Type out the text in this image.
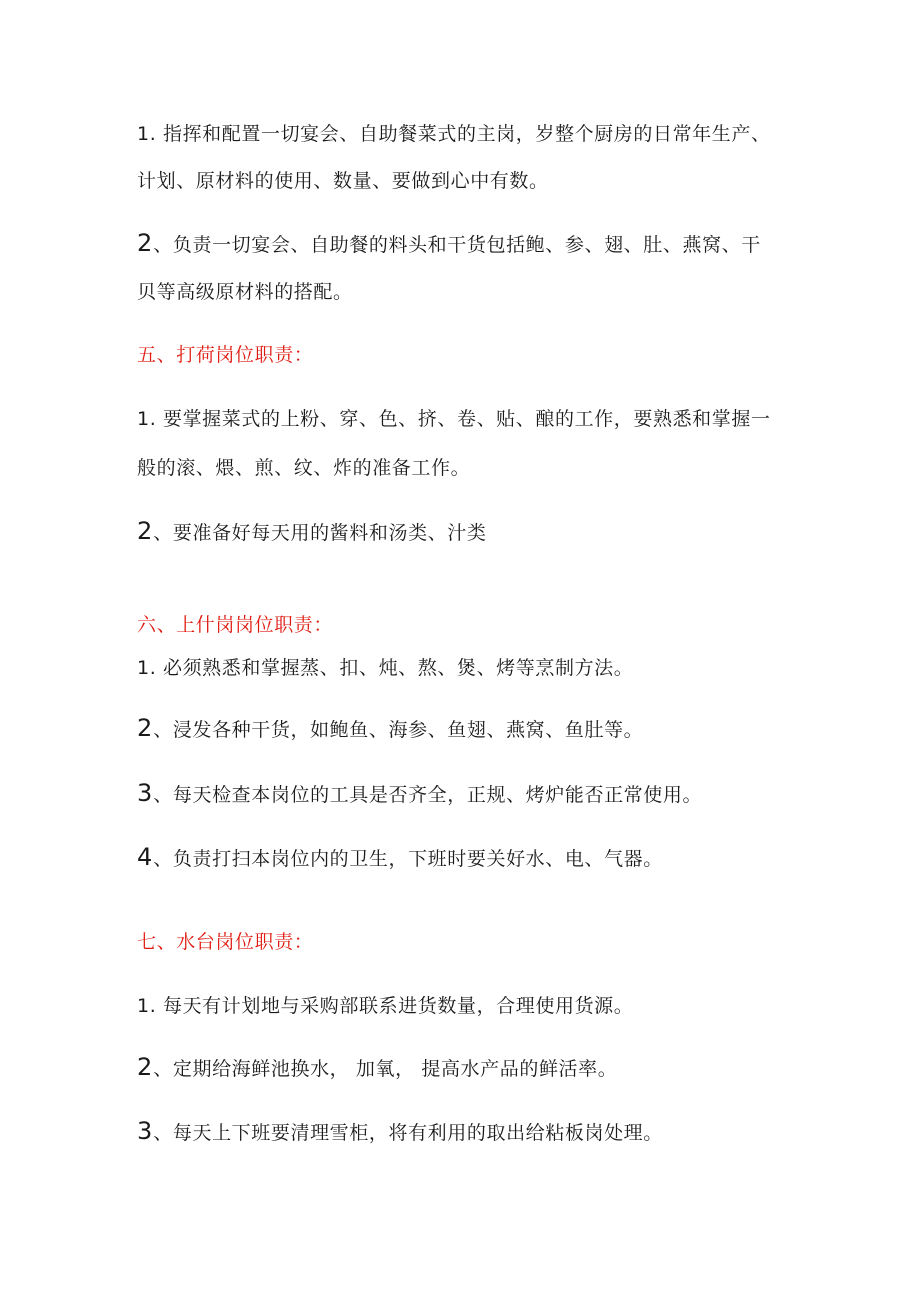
1. 指挥和配置一切宴会、自助餐菜式的主岗，岁整个厨房的日常年生产、
计划、原材料的使用、数量、要做到心中有数。
2、负责一切宴会、自助餐的料头和干货包括鲍、参、翅、肚、燕窝、干
贝等高级原材料的搭配。
五、打荷岗位职责：
1. 要掌握菜式的上粉、穿、色、挤、卷、贴、酿的工作，要熟悉和掌握一
般的滚、煨、煎、纹、炸的准备工作。
2、要准备好每天用的酱料和汤类、汁类
六、上什岗岗位职责：
1. 必须熟悉和掌握蒸、扣、炖、熬、煲、烤等烹制方法。
2、浸发各种干货，如鲍鱼、海参、鱼翅、燕窝、鱼肚等。
3、每天检查本岗位的工具是否齐全，正规、烤炉能否正常使用。
4、负责打扫本岗位内的卫生，下班时要关好水、电、气器。
七、水台岗位职责：
1. 每天有计划地与采购部联系进货数量，合理使用货源。
2、定期给海鲜池换水， 加氧， 提高水产品的鲜活率。
3、每天上下班要清理雪柜，将有利用的取出给粘板岗处理。
